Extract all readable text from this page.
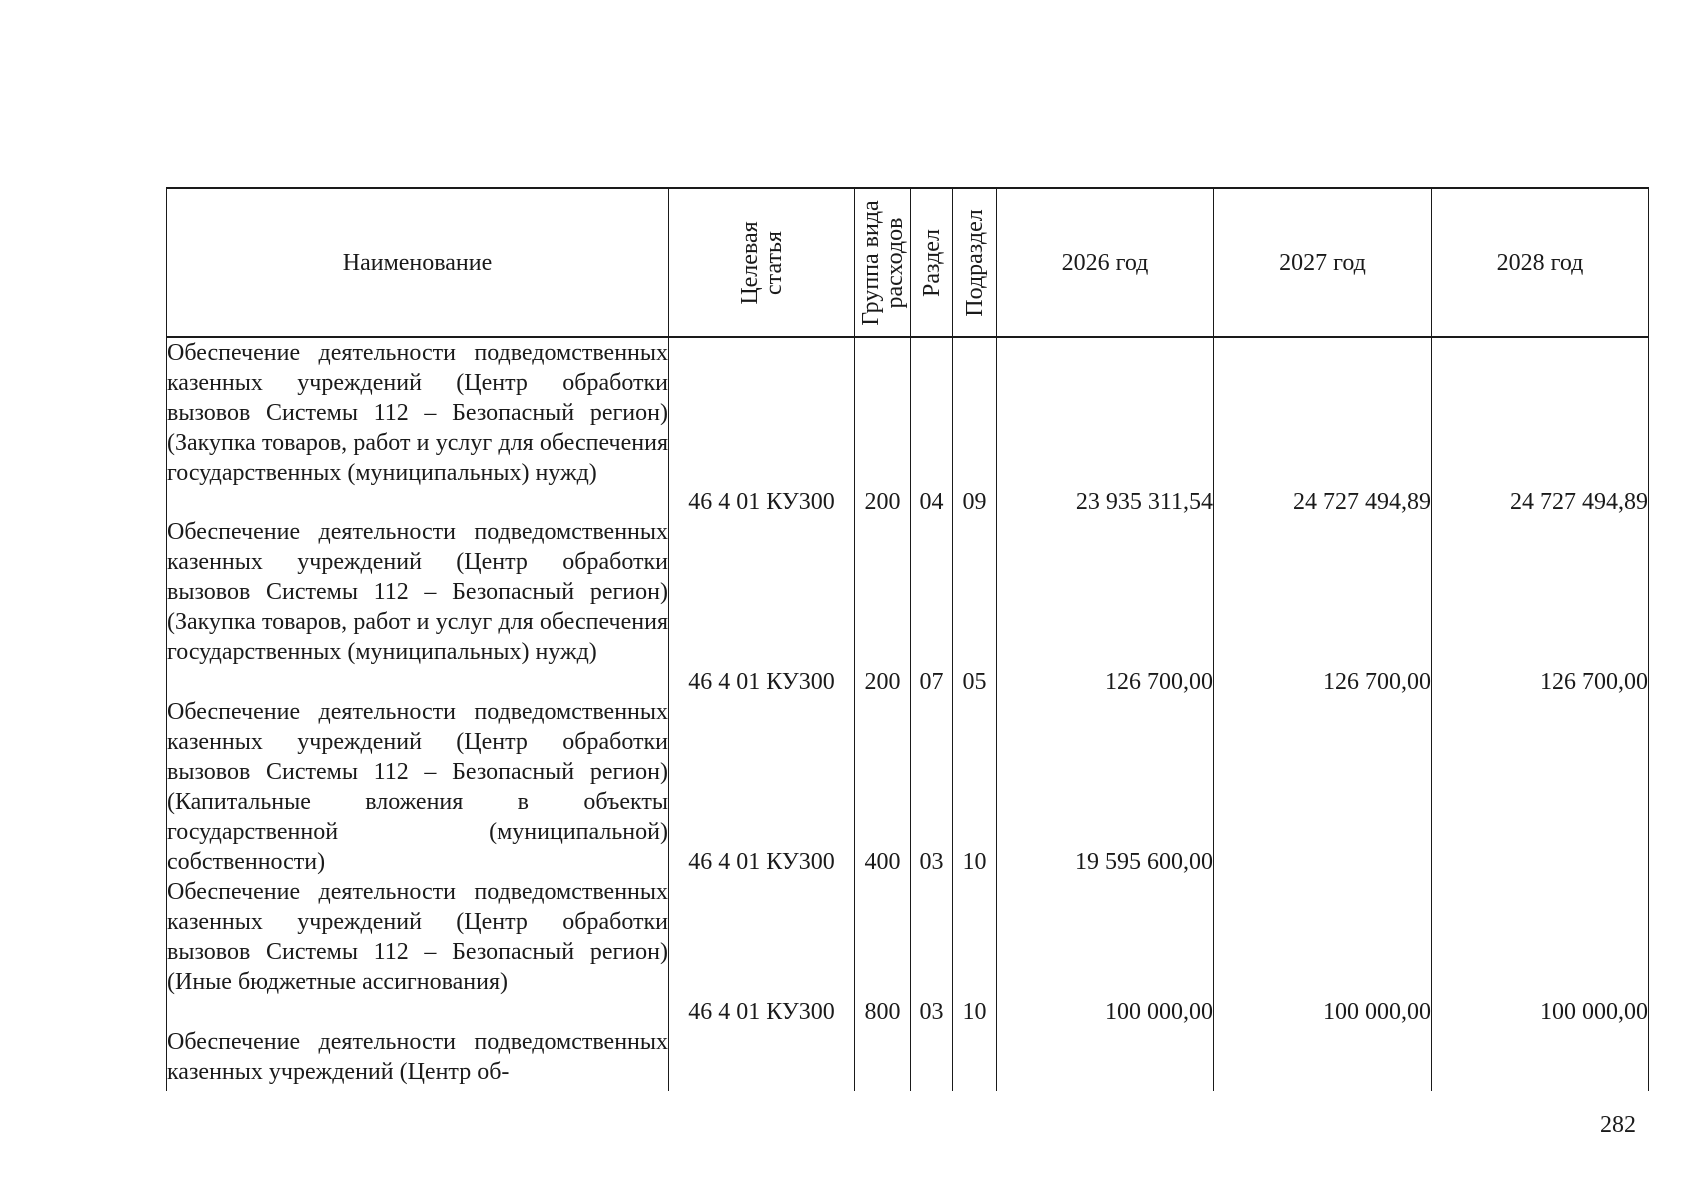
Наименование	Целевая статья	Группа вида расходов	Раздел	Подраздел	2026 год	2027 год	2028 год
Обеспечение деятельности подведомственных казенных учреждений (Центр обработки вызовов Системы 112 – Безопасный регион) (Закупка товаров, работ и услуг для обеспечения государственных (муниципальных) нужд)	46 4 01 КУ300	200	04	09	23 935 311,54	24 727 494,89	24 727 494,89
Обеспечение деятельности подведомственных казенных учреждений (Центр обработки вызовов Системы 112 – Безопасный регион) (Закупка товаров, работ и услуг для обеспечения государственных (муниципальных) нужд)	46 4 01 КУ300	200	07	05	126 700,00	126 700,00	126 700,00
Обеспечение деятельности подведомственных казенных учреждений (Центр обработки вызовов Системы 112 – Безопасный регион) (Капитальные вложения в объекты государственной (муниципальной) собственности)	46 4 01 КУ300	400	03	10	19 595 600,00		
Обеспечение деятельности подведомственных казенных учреждений (Центр обработки вызовов Системы 112 – Безопасный регион) (Иные бюджетные ассигнования)	46 4 01 КУ300	800	03	10	100 000,00	100 000,00	100 000,00
Обеспечение деятельности подведомственных казенных учреждений (Центр об-							
282
